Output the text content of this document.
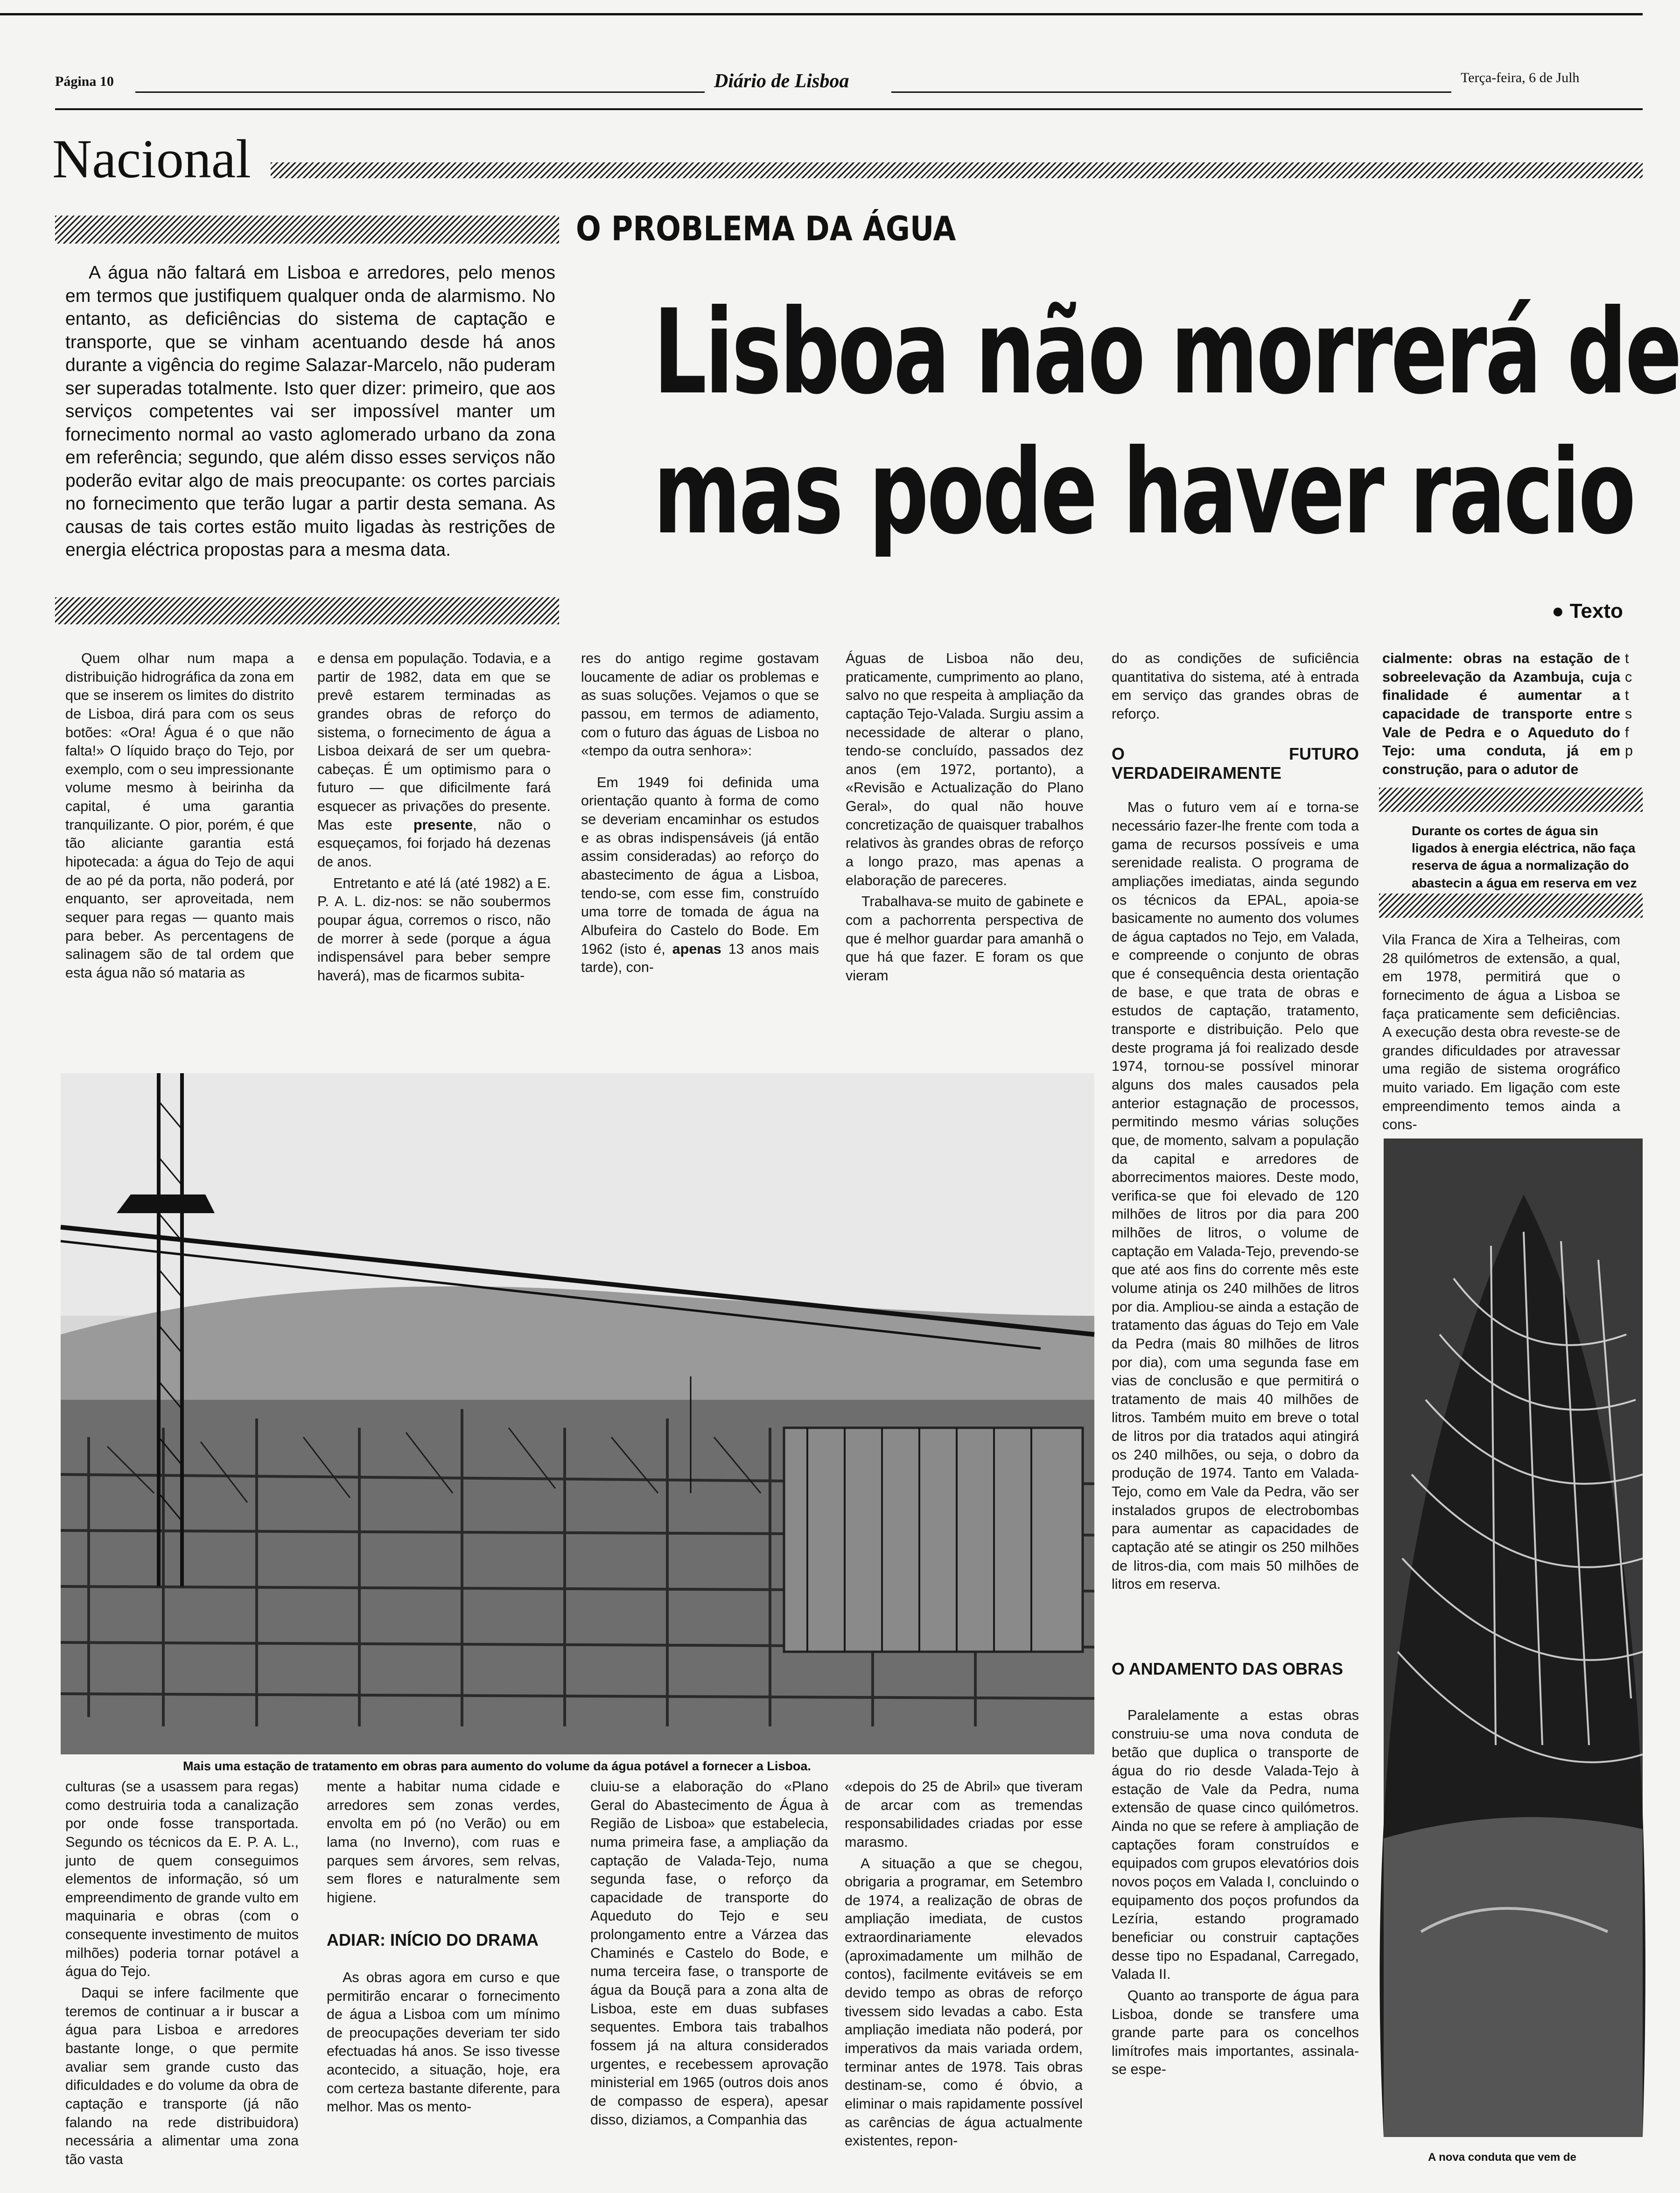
Página 10	Diário de Lisboa	Terça-feira, 6 de Julh
Nacional
A água não faltará em Lisboa e arredores, pelo menos em termos que justifiquem qualquer onda de alarmismo. No entanto, as deficiências do sistema de captação e transporte, que se vinham acentuando desde há anos durante a vigência do regime Salazar-Marcelo, não puderam ser superadas totalmente. Isto quer dizer: primeiro, que aos serviços competentes vai ser impossível manter um fornecimento normal ao vasto aglomerado urbano da zona em referência; segundo, que além disso esses serviços não poderão evitar algo de mais preocupante: os cortes parciais no fornecimento que terão lugar a partir desta semana. As causas de tais cortes estão muito ligadas às restrições de energia eléctrica propostas para a mesma data.
O PROBLEMA DA ÁGUA
Lisboa não morrerá de
mas pode haver racio
● Texto

Quem olhar num mapa a distribuição hidrográfica da zona em que se inserem os limites do distrito de Lisboa, dirá para com os seus botões: «Ora! Água é o que não falta!» O líquido braço do Tejo, por exemplo, com o seu impressionante volume mesmo à beirinha da capital, é uma garantia tranquilizante. O pior, porém, é que tão aliciante garantia está hipotecada: a água do Tejo de aqui de ao pé da porta, não poderá, por enquanto, ser aproveitada, nem sequer para regas — quanto mais para beber. As percentagens de salinagem são de tal ordem que esta água não só mataria as

e densa em população. Todavia, e a partir de 1982, data em que se prevê estarem terminadas as grandes obras de reforço do sistema, o fornecimento de água a Lisboa deixará de ser um quebra-cabeças. É um optimismo para o futuro — que dificilmente fará esquecer as privações do presente. Mas este presente, não o esqueçamos, foi forjado há dezenas de anos.

Entretanto e até lá (até 1982) a E. P. A. L. diz-nos: se não soubermos poupar água, corremos o risco, não de morrer à sede (porque a água indispensável para beber sempre haverá), mas de ficarmos subita-

res do antigo regime gostavam loucamente de adiar os problemas e as suas soluções. Vejamos o que se passou, em termos de adiamento, com o futuro das águas de Lisboa no «tempo da outra senhora»:

Em 1949 foi definida uma orientação quanto à forma de como se deveriam encaminhar os estudos e as obras indispensáveis (já então assim consideradas) ao reforço do abastecimento de água a Lisboa, tendo-se, com esse fim, construído uma torre de tomada de água na Albufeira do Castelo do Bode. Em 1962 (isto é, apenas 13 anos mais tarde), con-

Águas de Lisboa não deu, praticamente, cumprimento ao plano, salvo no que respeita à ampliação da captação Tejo-Valada. Surgiu assim a necessidade de alterar o plano, tendo-se concluído, passados dez anos (em 1972, portanto), a «Revisão e Actualização do Plano Geral», do qual não houve concretização de quaisquer trabalhos relativos às grandes obras de reforço a longo prazo, mas apenas a elaboração de pareceres.

Trabalhava-se muito de gabinete e com a pachorrenta perspectiva de que é melhor guardar para amanhã o que há que fazer. E foram os que vieram

do as condições de suficiência quantitativa do sistema, até à entrada em serviço das grandes obras de reforço.

O FUTURO VERDADEIRAMENTE

Mas o futuro vem aí e torna-se necessário fazer-lhe frente com toda a gama de recursos possíveis e uma serenidade realista. O programa de ampliações imediatas, ainda segundo os técnicos da EPAL, apoia-se basicamente no aumento dos volumes de água captados no Tejo, em Valada, e compreende o conjunto de obras que é consequência desta orientação de base, e que trata de obras e estudos de captação, tratamento, transporte e distribuição. Pelo que deste programa já foi realizado desde 1974, tornou-se possível minorar alguns dos males causados pela anterior estagnação de processos, permitindo mesmo várias soluções que, de momento, salvam a população da capital e arredores de aborrecimentos maiores. Deste modo, verifica-se que foi elevado de 120 milhões de litros por dia para 200 milhões de litros, o volume de captação em Valada-Tejo, prevendo-se que até aos fins do corrente mês este volume atinja os 240 milhões de litros por dia. Ampliou-se ainda a estação de tratamento das águas do Tejo em Vale da Pedra (mais 80 milhões de litros por dia), com uma segunda fase em vias de conclusão e que permitirá o tratamento de mais 40 milhões de litros. Também muito em breve o total de litros por dia tratados aqui atingirá os 240 milhões, ou seja, o dobro da produção de 1974. Tanto em Valada-Tejo, como em Vale da Pedra, vão ser instalados grupos de electrobombas para aumentar as capacidades de captação até se atingir os 250 milhões de litros-dia, com mais 50 milhões de litros em reserva.

O ANDAMENTO DAS OBRAS

Paralelamente a estas obras construiu-se uma nova conduta de betão que duplica o transporte de água do rio desde Valada-Tejo à estação de Vale da Pedra, numa extensão de quase cinco quilómetros. Ainda no que se refere à ampliação de captações foram construídos e equipados com grupos elevatórios dois novos poços em Valada I, concluindo o equipamento dos poços profundos da Lezíria, estando programado beneficiar ou construir captações desse tipo no Espadanal, Carregado, Valada II.

Quanto ao transporte de água para Lisboa, donde se transfere uma grande parte para os concelhos limítrofes mais importantes, assinala-se espe-

cialmente: obras na estação de sobreelevação da Azambuja, cuja finalidade é aumentar a capacidade de transporte entre Vale de Pedra e o Aqueduto do Tejo: uma conduta, já em construção, para o adutor de

t
c
t
s
f
p
Durante os cortes de água sin ligados à energia eléctrica, não faça reserva de água a normalização do abastecin a água em reserva em vez

Vila Franca de Xira a Telheiras, com 28 quilómetros de extensão, a qual, em 1978, permitirá que o fornecimento de água a Lisboa se faça praticamente sem deficiências. A execução desta obra reveste-se de grandes dificuldades por atravessar uma região de sistema orográfico muito variado. Em ligação com este empreendimento temos ainda a cons-

Mais uma estação de tratamento em obras para aumento do volume da água potável a fornecer a Lisboa.
A nova conduta que vem de

culturas (se a usassem para regas) como destruiria toda a canalização por onde fosse transportada. Segundo os técnicos da E. P. A. L., junto de quem conseguimos elementos de informação, só um empreendimento de grande vulto em maquinaria e obras (com o consequente investimento de muitos milhões) poderia tornar potável a água do Tejo.

Daqui se infere facilmente que teremos de continuar a ir buscar a água para Lisboa e arredores bastante longe, o que permite avaliar sem grande custo das dificuldades e do volume da obra de captação e transporte (já não falando na rede distribuidora) necessária a alimentar uma zona tão vasta

mente a habitar numa cidade e arredores sem zonas verdes, envolta em pó (no Verão) ou em lama (no Inverno), com ruas e parques sem árvores, sem relvas, sem flores e naturalmente sem higiene.

ADIAR: INÍCIO DO DRAMA

As obras agora em curso e que permitirão encarar o fornecimento de água a Lisboa com um mínimo de preocupações deveriam ter sido efectuadas há anos. Se isso tivesse acontecido, a situação, hoje, era com certeza bastante diferente, para melhor. Mas os mento-

cluiu-se a elaboração do «Plano Geral do Abastecimento de Água à Região de Lisboa» que estabelecia, numa primeira fase, a ampliação da captação de Valada-Tejo, numa segunda fase, o reforço da capacidade de transporte do Aqueduto do Tejo e seu prolongamento entre a Várzea das Chaminés e Castelo do Bode, e numa terceira fase, o transporte de água da Bouçã para a zona alta de Lisboa, este em duas subfases sequentes. Embora tais trabalhos fossem já na altura considerados urgentes, e recebessem aprovação ministerial em 1965 (outros dois anos de compasso de espera), apesar disso, diziamos, a Companhia das

«depois do 25 de Abril» que tiveram de arcar com as tremendas responsabilidades criadas por esse marasmo.

A situação a que se chegou, obrigaria a programar, em Setembro de 1974, a realização de obras de ampliação imediata, de custos extraordinariamente elevados (aproximadamente um milhão de contos), facilmente evitáveis se em devido tempo as obras de reforço tivessem sido levadas a cabo. Esta ampliação imediata não poderá, por imperativos da mais variada ordem, terminar antes de 1978. Tais obras destinam-se, como é óbvio, a eliminar o mais rapidamente possível as carências de água actualmente existentes, repon-
